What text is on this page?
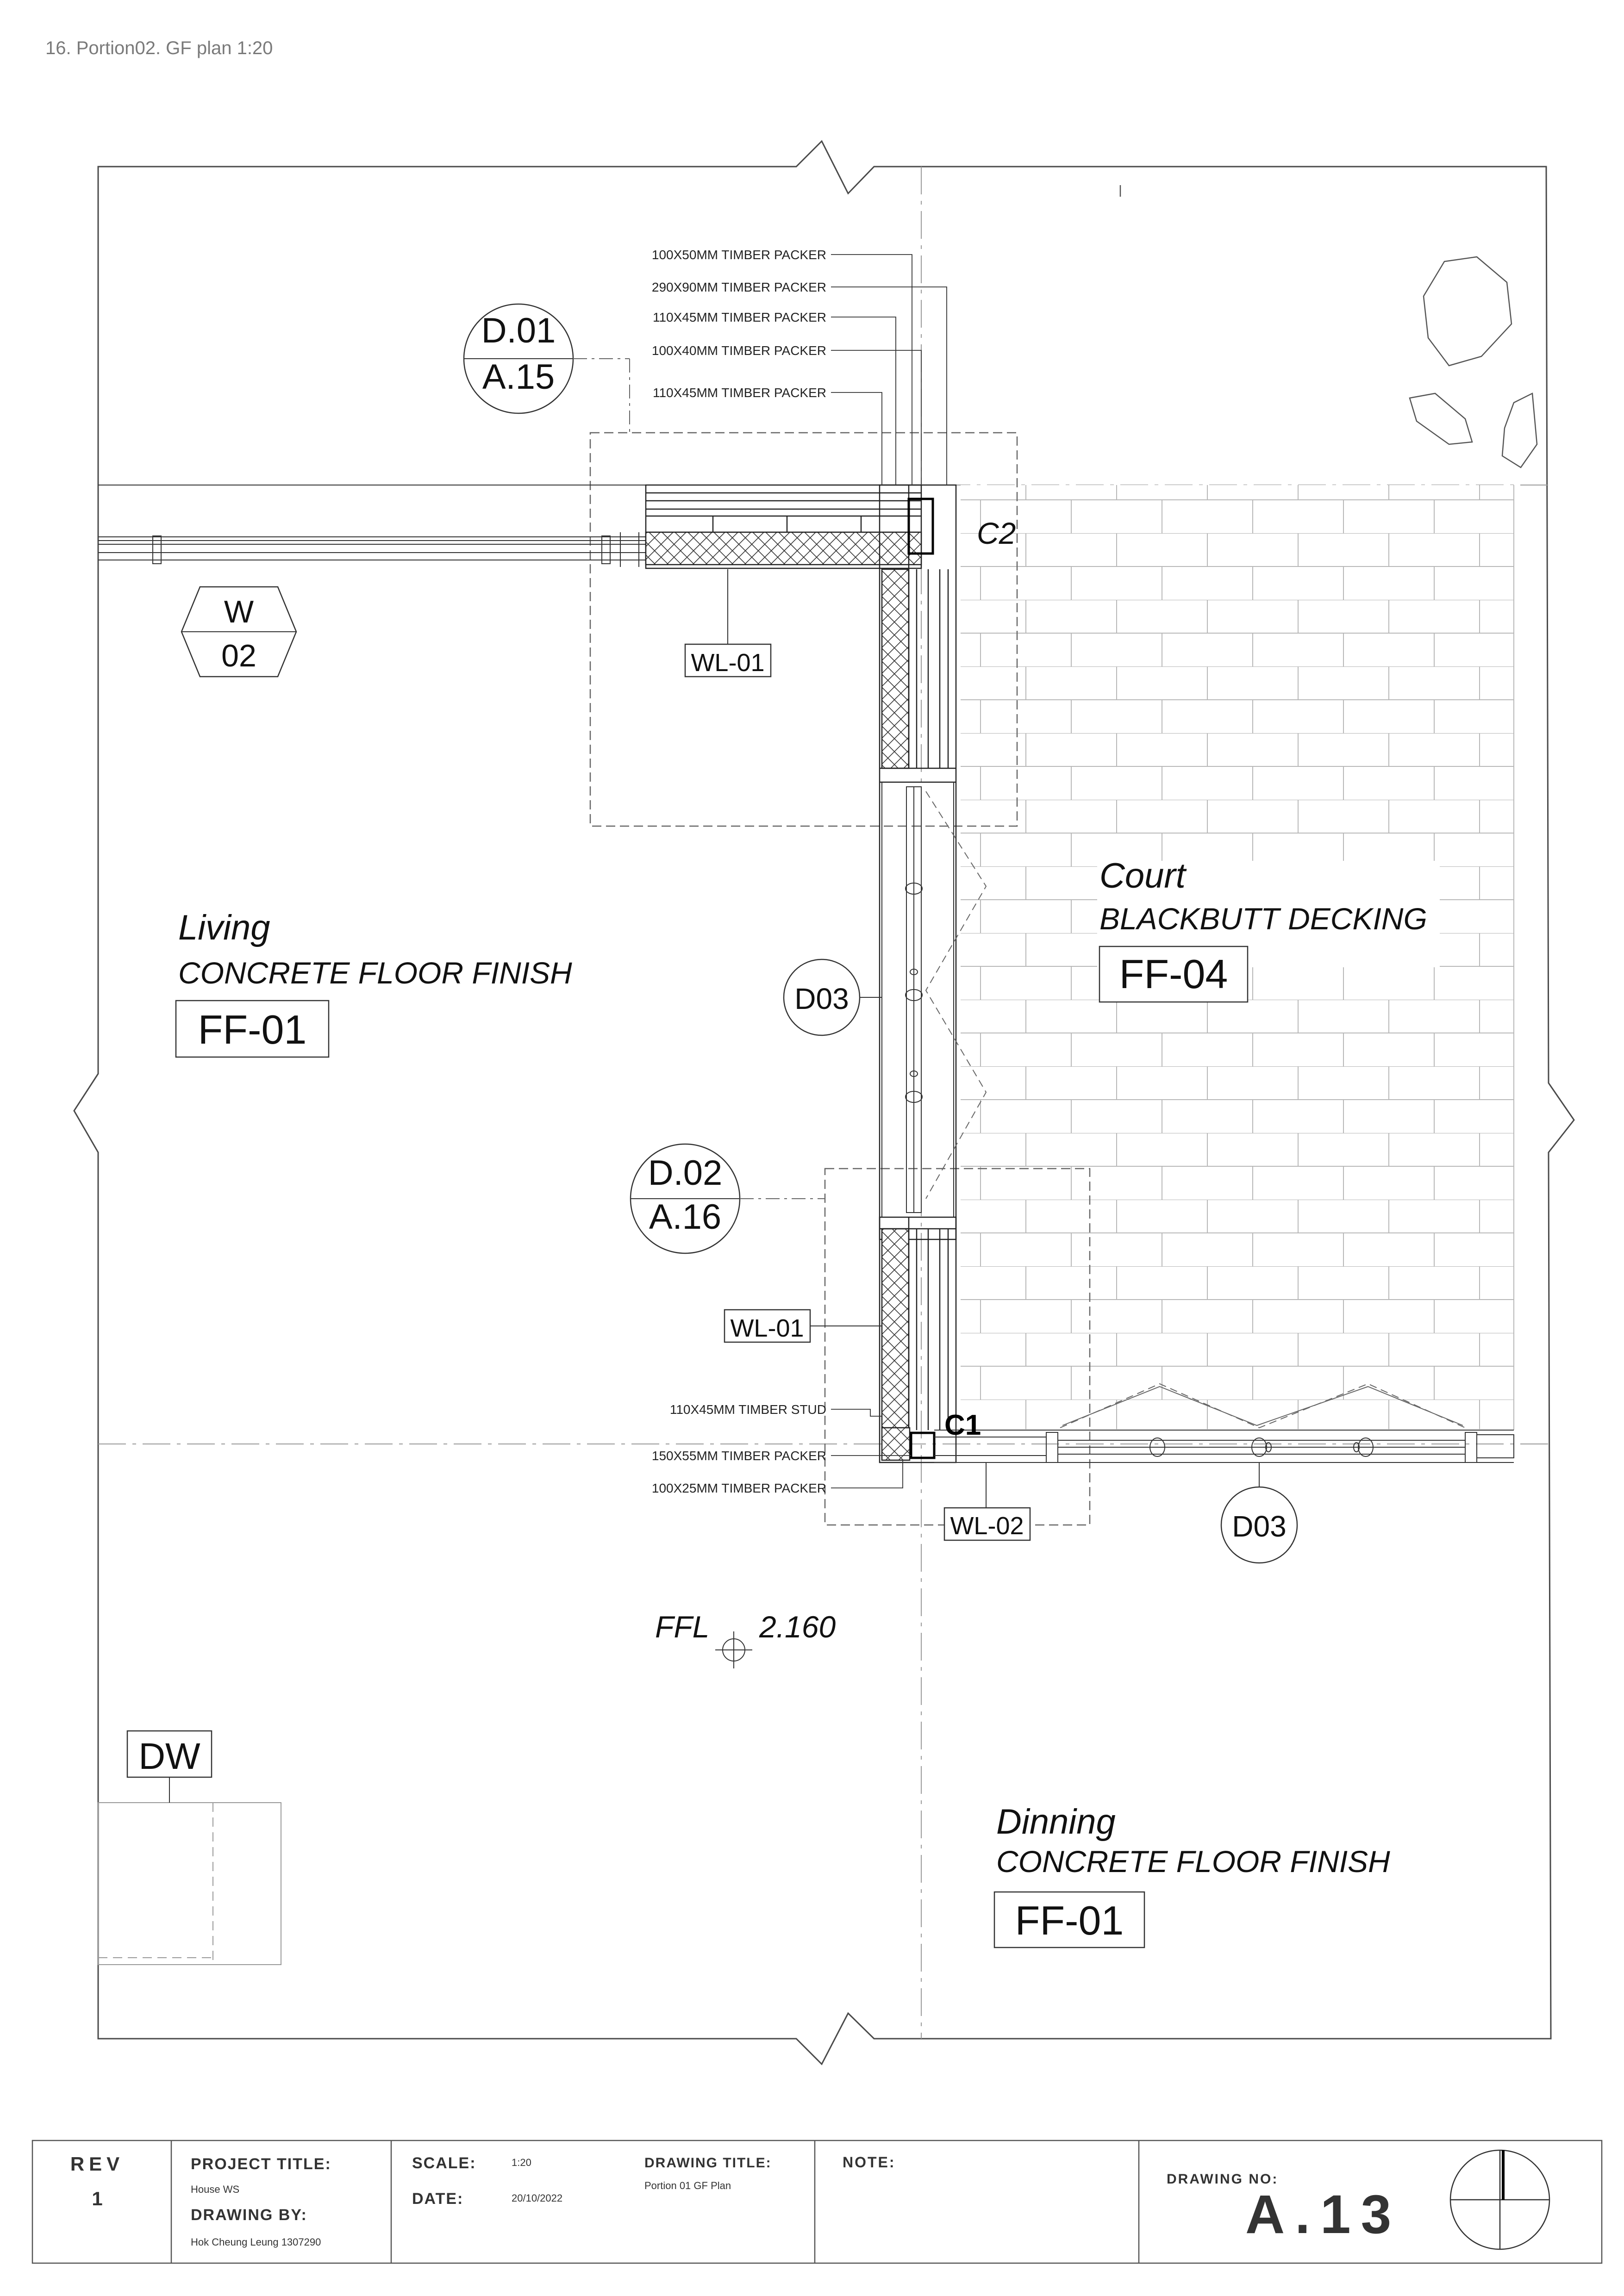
16. Portion02. GF plan 1:20
D.01
A.15
D.02
A.16
W
02
D03
D03
C2
C1
WL-01
WL-01
WL-02
100X50MM TIMBER PACKER
290X90MM TIMBER PACKER
110X45MM TIMBER PACKER
100X40MM TIMBER PACKER
110X45MM TIMBER PACKER
110X45MM TIMBER STUD
150X55MM TIMBER PACKER
100X25MM TIMBER PACKER
Living
CONCRETE FLOOR FINISH
FF-01
Court
BLACKBUTT DECKING
FF-04
Dinning
CONCRETE FLOOR FINISH
FF-01
FFL 2.160
DW
REV
1
PROJECT TITLE:
House WS
DRAWING BY:
Hok Cheung Leung 1307290
SCALE:	1:20
DATE:	20/10/2022
DRAWING TITLE:
Portion 01 GF Plan
NOTE:
DRAWING NO:
A.13
